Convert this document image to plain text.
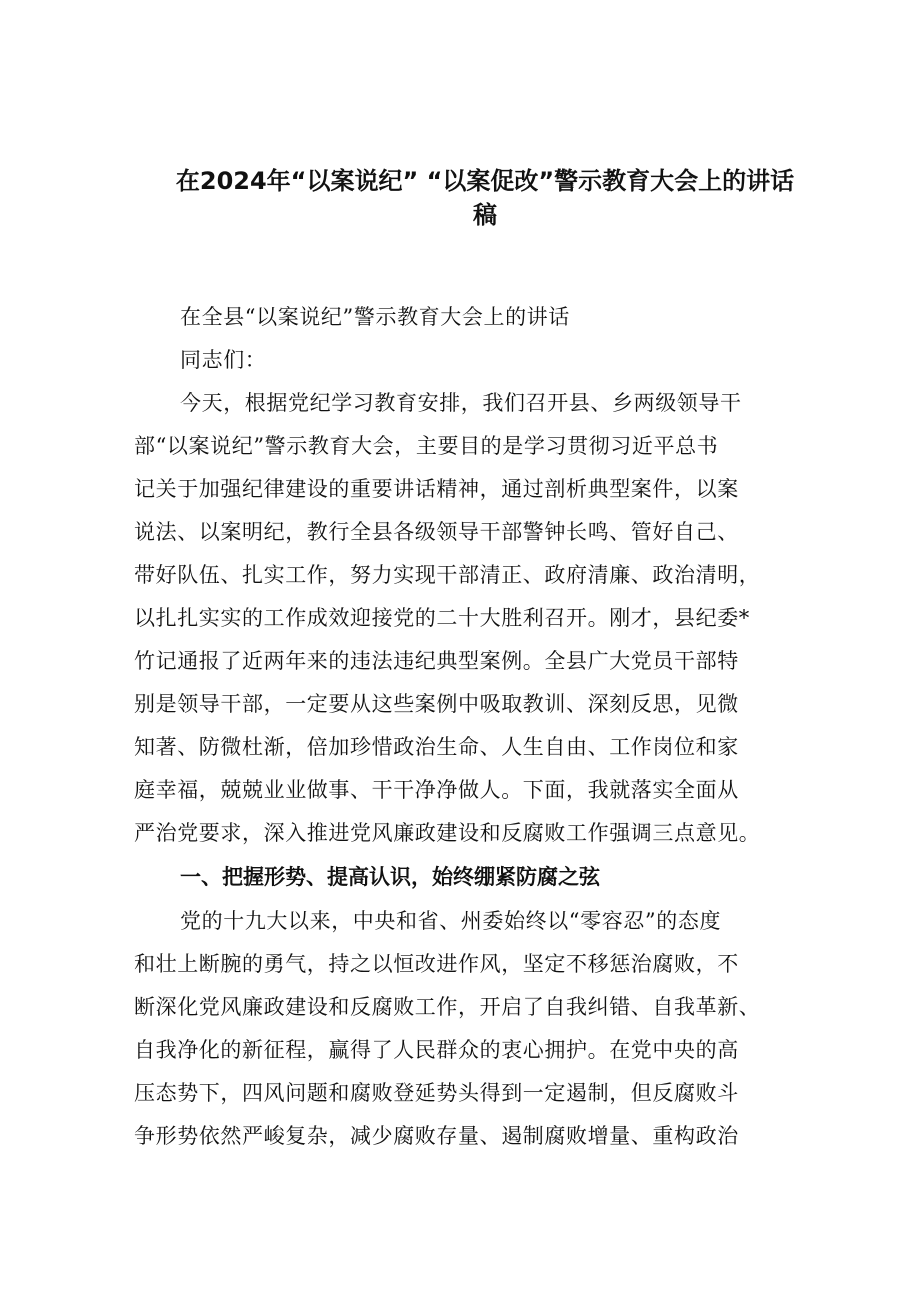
在2024年“以案说纪” “以案促改”警示教育大会上的讲话
稿
在全县“以案说纪”警示教育大会上的讲话
同志们：
今天，根据党纪学习教育安排，我们召开县、乡两级领导干
部“以案说纪”警示教育大会，主要目的是学习贯彻习近平总书
记关于加强纪律建设的重要讲话精神，通过剖析典型案件，以案
说法、以案明纪，教行全县各级领导干部警钟长鸣、管好自己、
带好队伍、扎实工作，努力实现干部清正、政府清廉、政治清明，
以扎扎实实的工作成效迎接党的二十大胜利召开。刚才，县纪委*
竹记通报了近两年来的违法违纪典型案例。全县广大党员干部特
别是领导干部，一定要从这些案例中吸取教训、深刻反思，见微
知著、防微杜渐，倍加珍惜政治生命、人生自由、工作岗位和家
庭幸福，兢兢业业做事、干干净净做人。下面，我就落实全面从
严治党要求，深入推进党风廉政建设和反腐败工作强调三点意见。
一、把握形势、提高认识，始终绷紧防腐之弦
党的十九大以来，中央和省、州委始终以“零容忍”的态度
和壮上断腕的勇气，持之以恒改进作风，坚定不移惩治腐败，不
断深化党风廉政建设和反腐败工作，开启了自我纠错、自我革新、
自我净化的新征程，赢得了人民群众的衷心拥护。在党中央的高
压态势下，四风问题和腐败登延势头得到一定遏制，但反腐败斗
争形势依然严峻复杂，减少腐败存量、遏制腐败增量、重构政治
